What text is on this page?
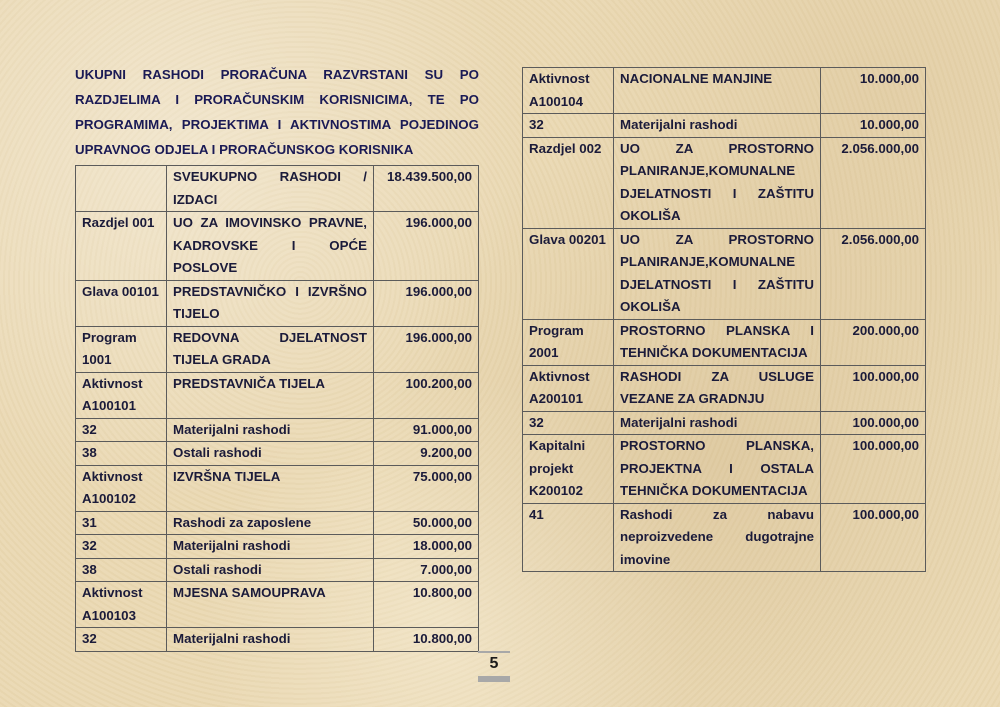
UKUPNI RASHODI PRORAČUNA RAZVRSTANI SU PO RAZDJELIMA I PRORAČUNSKIM KORISNICIMA, TE PO PROGRAMIMA, PROJEKTIMA I AKTIVNOSTIMA POJEDINOG UPRAVNOG ODJELA I PRORAČUNSKOG KORISNIKA
	SVEUKUPNO RASHODI / IZDACI	18.439.500,00
Razdjel 001	UO ZA IMOVINSKO PRAVNE, KADROVSKE I OPĆE POSLOVE	196.000,00
Glava 00101	PREDSTAVNIČKO I IZVRŠNO TIJELO	196.000,00
Program 1001	REDOVNA DJELATNOST TIJELA GRADA	196.000,00
Aktivnost A100101	PREDSTAVNIČA TIJELA	100.200,00
32	Materijalni rashodi	91.000,00
38	Ostali rashodi	9.200,00
Aktivnost A100102	IZVRŠNA TIJELA	75.000,00
31	Rashodi za zaposlene	50.000,00
32	Materijalni rashodi	18.000,00
38	Ostali rashodi	7.000,00
Aktivnost A100103	MJESNA SAMOUPRAVA	10.800,00
32	Materijalni rashodi	10.800,00
Aktivnost A100104	NACIONALNE MANJINE	10.000,00
32	Materijalni rashodi	10.000,00
Razdjel 002	UO ZA PROSTORNO PLANIRANJE,KOMUNALNE DJELATNOSTI I ZAŠTITU OKOLIŠA	2.056.000,00
Glava 00201	UO ZA PROSTORNO PLANIRANJE,KOMUNALNE DJELATNOSTI I ZAŠTITU OKOLIŠA	2.056.000,00
Program 2001	PROSTORNO PLANSKA I TEHNIČKA DOKUMENTACIJA	200.000,00
Aktivnost A200101	RASHODI ZA USLUGE VEZANE ZA GRADNJU	100.000,00
32	Materijalni rashodi	100.000,00
Kapitalni projekt K200102	PROSTORNO PLANSKA, PROJEKTNA I OSTALA TEHNIČKA DOKUMENTACIJA	100.000,00
41	Rashodi za nabavu neproizvedene dugotrajne imovine	100.000,00
5
